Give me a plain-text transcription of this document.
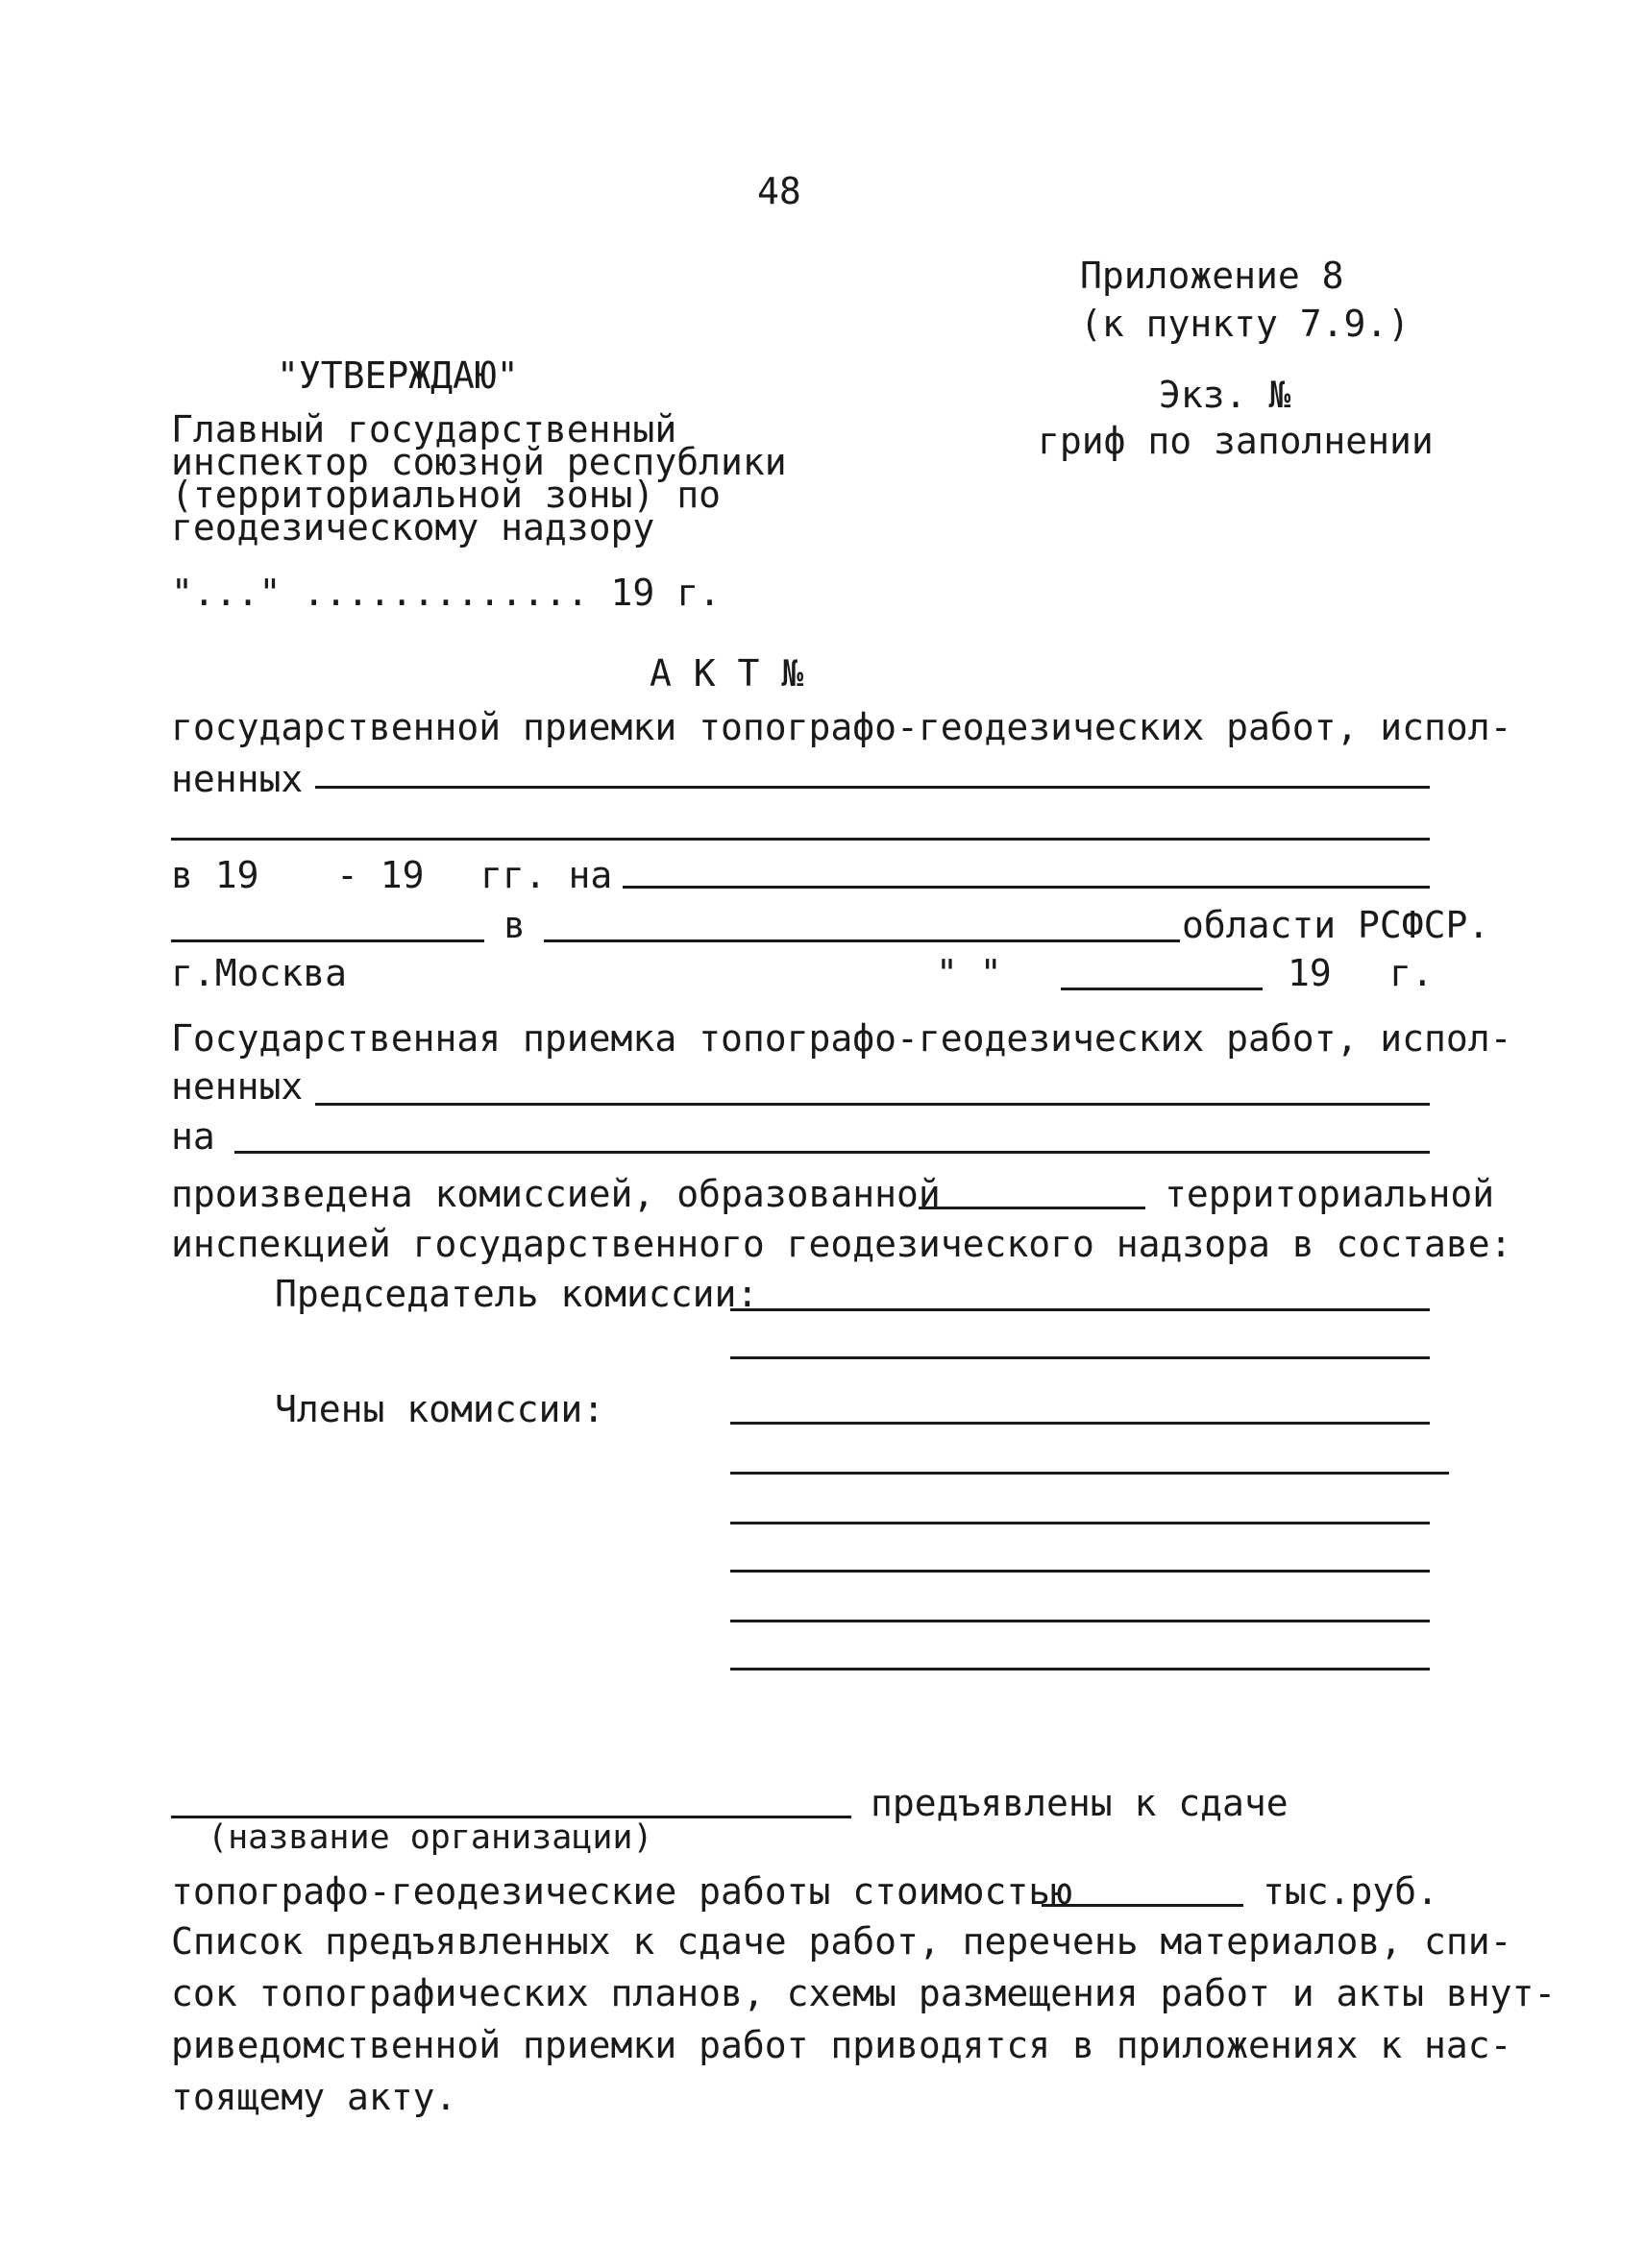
48
Приложение 8
(к пункту 7.9.)
Экз. №
гриф по заполнении
"УТВЕРЖДАЮ"
Главный государственный
инспектор союзной республики
(территориальной зоны) по
геодезическому надзору
"..." ............. 19 г.
А К Т №
государственной приемки топографо-геодезических работ, испол-
ненных
в 19 - 19 гг. на
в	области РСФСР.
г.Москва	" "	19 г.
Государственная приемка топографо-геодезических работ, испол-
ненных
на
произведена комиссией, образованной	территориальной
инспекцией государственного геодезического надзора в составе:
Председатель комиссии:
Члены комиссии:
предъявлены к сдаче
(название организации)
топографо-геодезические работы стоимостью	тыс.руб.
Список предъявленных к сдаче работ, перечень материалов, спи-
сок топографических планов, схемы размещения работ и акты внут-
риведомственной приемки работ приводятся в приложениях к нас-
тоящему акту.
